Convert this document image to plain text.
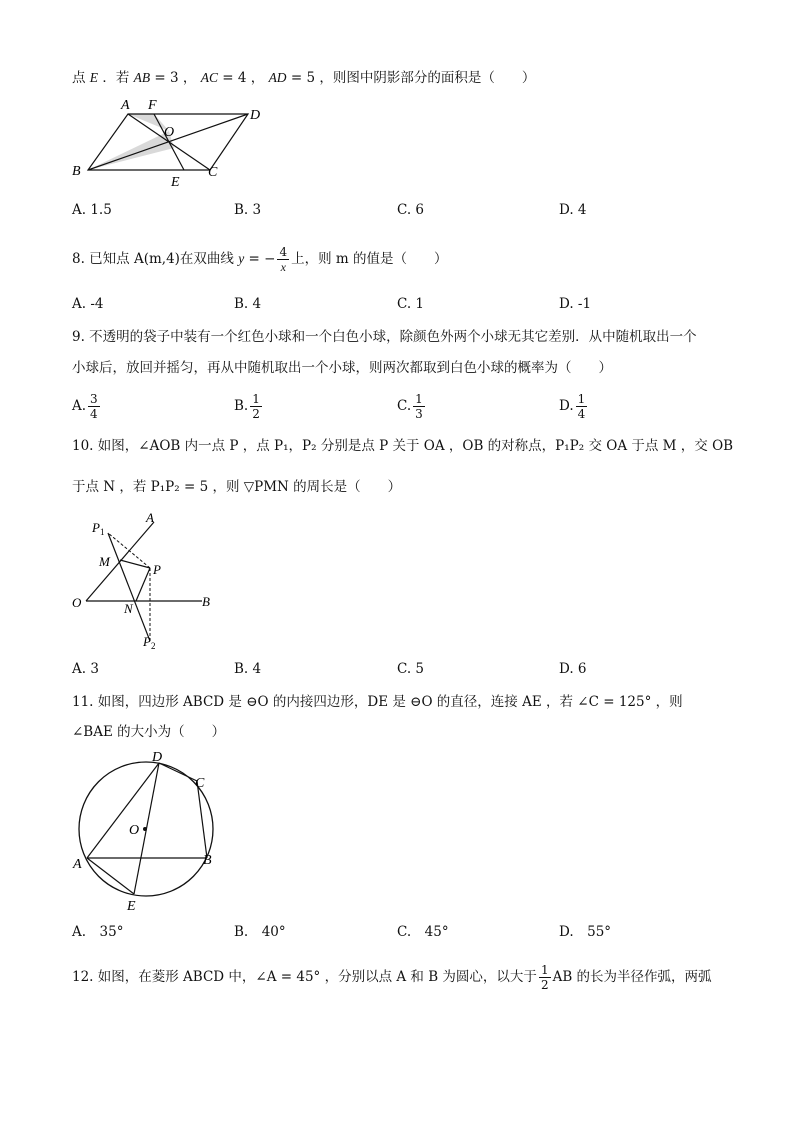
点 E ．若 AB = 3 ， AC = 4 ， AD = 5 ，则图中阴影部分的面积是（　　）
A F
D
O
B
E
C
A. 1.5	B. 3	C. 6	D. 4
8. 已知点 A(m,4)在双曲线 y = − $\frac{4}{x}$ 上，则 m 的值是（　　）
A. -4	B. 4	C. 1	D. -1
9. 不透明的袋子中装有一个红色小球和一个白色小球，除颜色外两个小球无其它差别．从中随机取出一个
小球后，放回并摇匀，再从中随机取出一个小球，则两次都取到白色小球的概率为（　　）
A. $\frac{3}{4}$	B. $\frac{1}{2}$	C. $\frac{1}{3}$	D. $\frac{1}{4}$
10. 如图，∠AOB 内一点 P ，点 P₁，P₂ 分别是点 P 关于 OA ，OB 的对称点，P₁P₂ 交 OA 于点 M ，交 OB
于点 N ，若 P₁P₂ = 5 ，则 ▽PMN 的周长是（　　）
$P_1$
A
M
P
O	N	B
$P_2$
A. 3	B. 4	C. 5	D. 6
11. 如图，四边形 ABCD 是 ⊖O 的内接四边形，DE 是 ⊖O 的直径，连接 AE ，若 ∠C = 125° ，则
∠BAE 的大小为（　　）
D
C
O
A	B
E
A.　35°	B.　40°	C.　45°	D.　55°
12. 如图，在菱形 ABCD 中，∠A = 45° ，分别以点 A 和 B 为圆心，以大于 $\frac{1}{2}$ AB 的长为半径作弧，两弧
